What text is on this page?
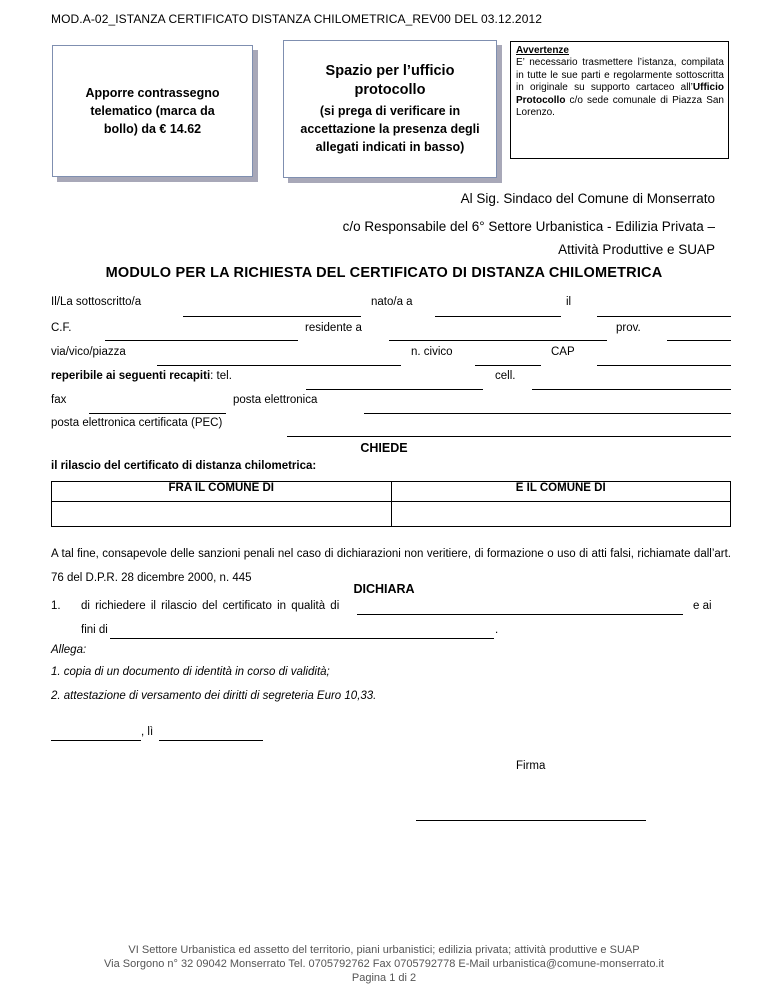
MOD.A-02_ISTANZA CERTIFICATO DISTANZA CHILOMETRICA_REV00 DEL 03.12.2012
Apporre contrassegno
telematico (marca da
bollo) da € 14.62
Spazio per l’ufficio
protocollo
(si prega di verificare in
accettazione la presenza degli
allegati indicati in basso)
Avvertenze
E’ necessario trasmettere l’istanza, compilata in tutte le sue parti e regolarmente sottoscritta in originale su supporto cartaceo all’Ufficio Protocollo c/o sede comunale di Piazza San Lorenzo.
Al Sig. Sindaco del Comune di Monserrato
c/o Responsabile del 6° Settore Urbanistica - Edilizia Privata –
Attività Produttive e SUAP
MODULO PER LA RICHIESTA DEL CERTIFICATO DI DISTANZA CHILOMETRICA
Il/La sottoscritto/a	nato/a a	il
C.F.	residente a	prov.
via/vico/piazza	n. civico	CAP
reperibile ai seguenti recapiti: tel.	cell.
fax	posta elettronica
posta elettronica certificata (PEC)
CHIEDE
il rilascio del certificato di distanza chilometrica:
FRA IL COMUNE DI	E IL COMUNE DI

A tal fine, consapevole delle sanzioni penali nel caso di dichiarazioni non veritiere, di formazione o uso di atti falsi, richiamate dall’art. 76 del D.P.R. 28 dicembre 2000, n. 445
DICHIARA
1. di richiedere il rilascio del certificato in qualità di	e ai
fini di	.
Allega:
1. copia di un documento di identità in corso di validità;
2. attestazione di versamento dei diritti di segreteria Euro 10,33.
, lì
Firma
VI Settore Urbanistica ed assetto del territorio, piani urbanistici; edilizia privata; attività produttive e SUAP
Via Sorgono n° 32 09042 Monserrato Tel. 0705792762 Fax 0705792778 E-Mail urbanistica@comune-monserrato.it
Pagina 1 di 2
